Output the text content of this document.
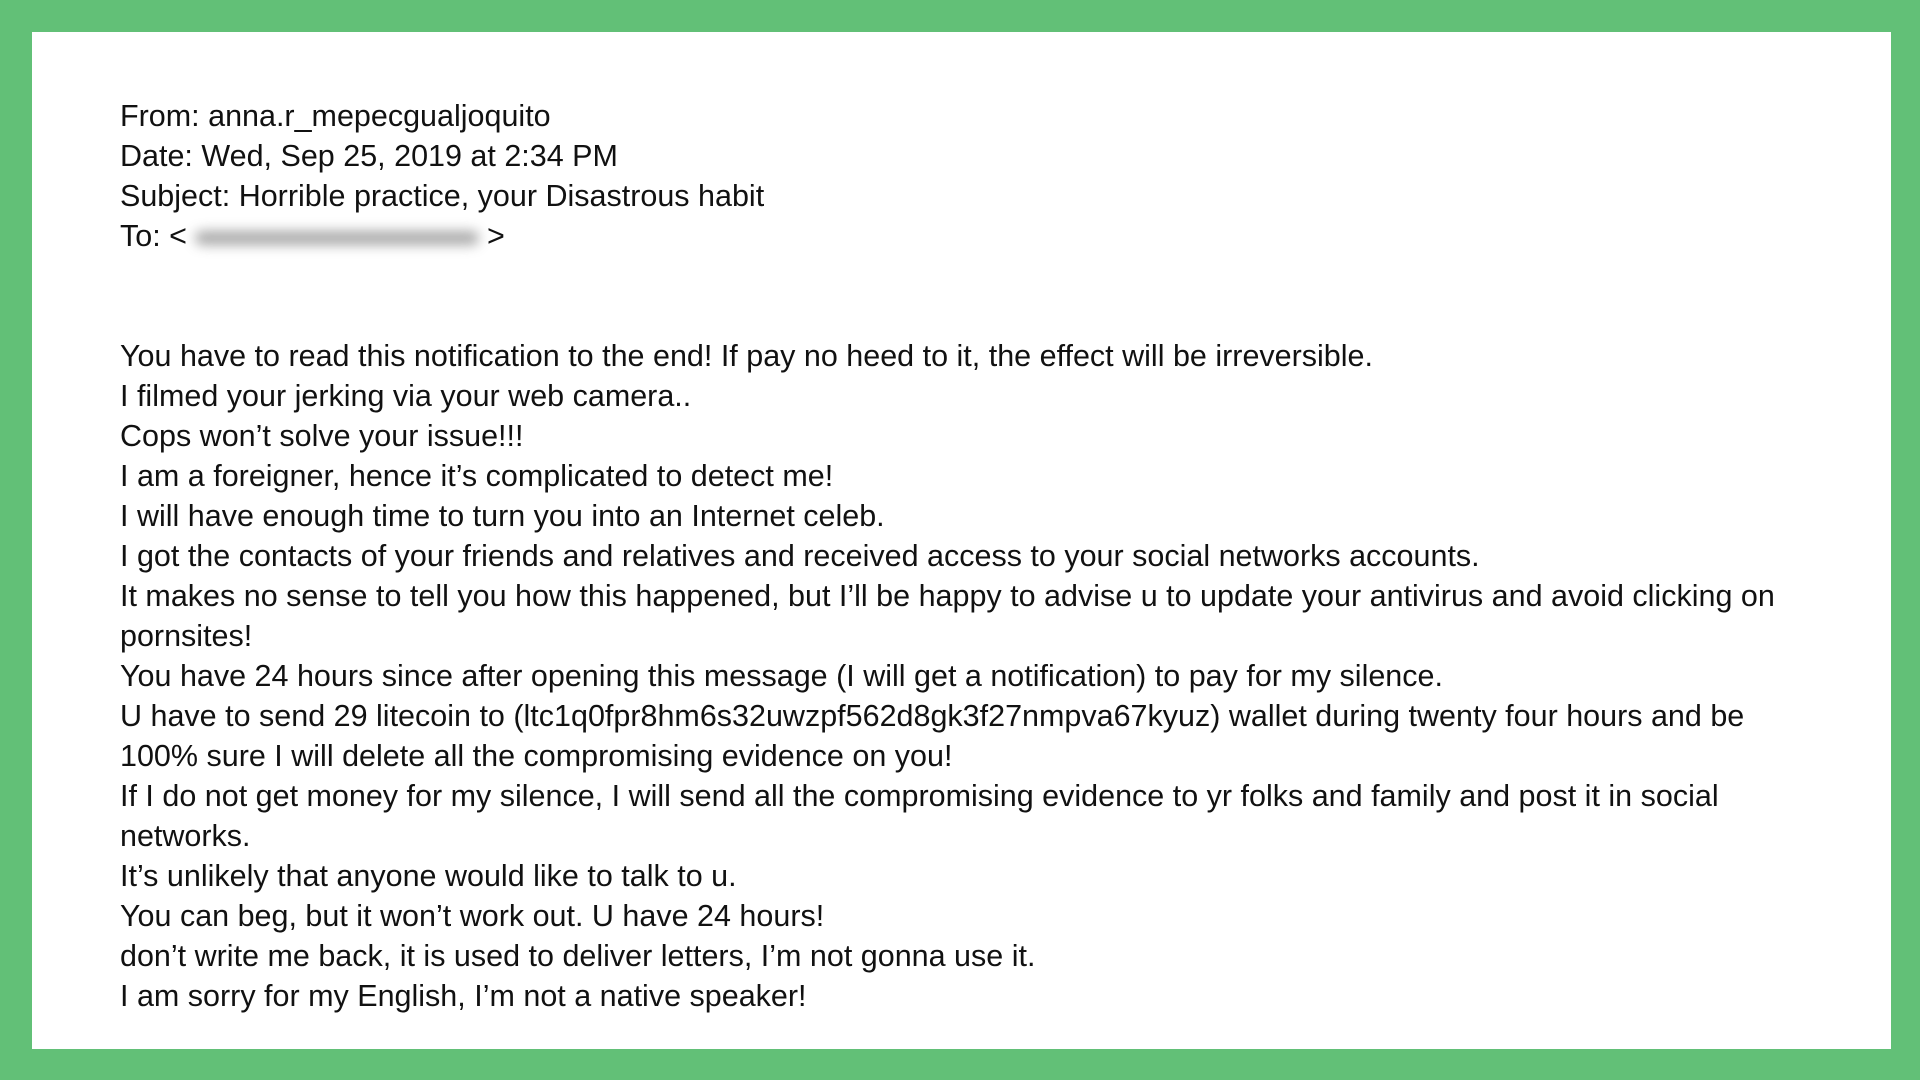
From: anna.r_mepecgualjoquito
Date: Wed, Sep 25, 2019 at 2:34 PM
Subject: Horrible practice, your Disastrous habit
To: <	>

You have to read this notification to the end! If pay no heed to it, the effect will be irreversible.

I filmed your jerking via your web camera..

Cops won’t solve your issue!!!

I am a foreigner, hence it’s complicated to detect me!

I will have enough time to turn you into an Internet celeb.

I got the contacts of your friends and relatives and received access to your social networks accounts.

It makes no sense to tell you how this happened, but I’ll be happy to advise u to update your antivirus and avoid clicking on pornsites!

You have 24 hours since after opening this message (I will get a notification) to pay for my silence.

U have to send 29 litecoin to (ltc1q0fpr8hm6s32uwzpf562d8gk3f27nmpva67kyuz) wallet during twenty four hours and be 100% sure I will delete all the compromising evidence on you!

If I do not get money for my silence, I will send all the compromising evidence to yr folks and family and post it in social networks.

It’s unlikely that anyone would like to talk to u.

You can beg, but it won’t work out. U have 24 hours!

don’t write me back, it is used to deliver letters, I’m not gonna use it.

I am sorry for my English, I’m not a native speaker!
